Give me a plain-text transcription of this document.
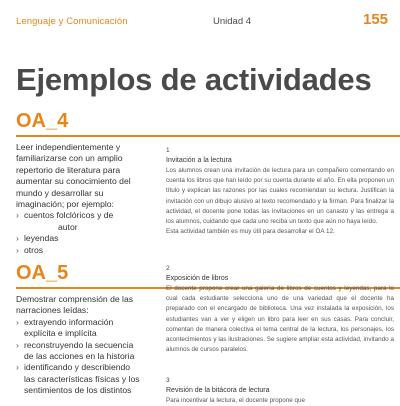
Lenguaje y Comunicación	Unidad 4	155
Ejemplos de actividades
OA_4

Leer independientemente y familiarizarse con un amplio repertorio de literatura para aumentar su conocimiento del mundo y desarrollar su imaginación; por ejemplo:

› cuentos folclóricos y de
autor
› leyendas
› otros
OA_5

Demostrar comprensión de las narraciones leídas:

› extrayendo información explícita e implícita
› reconstruyendo la secuencia de las acciones en la historia
› identificando y describiendo las características físicas y los sentimientos de los distintos

1

Invitación a la lectura

Los alumnos crean una invitación de lectura para un compañero comentando en cuenta los libros que han leído por su cuenta durante el año. En ella proponen un título y explican las razones por las cuales recomiendan su lectura. Justifican la invitación con un dibujo alusivo al texto recomendado y la firman. Para finalizar la actividad, el docente pone todas las invitaciones en un canasto y las entrega a los alumnos, cuidando que cada uno reciba un texto que aún no haya leído.

Esta actividad también es muy útil para desarrollar el OA 12.

2

Exposición de libros

El docente propone crear una galería de libros de cuentos y leyendas, para lo cual cada estudiante selecciona uno de una variedad que el docente ha preparado con el encargado de biblioteca. Una vez instalada la exposición, los estudiantes van a ver y eligen un libro para leer en sus casas. Para concluir, comentan de manera colectiva el tema central de la lectura, los personajes, los acontecimientos y las ilustraciones. Se sugiere ampliar esta actividad, invitando a alumnos de cursos paralelos.

3

Revisión de la bitácora de lectura

Para incentivar la lectura, el docente propone que
